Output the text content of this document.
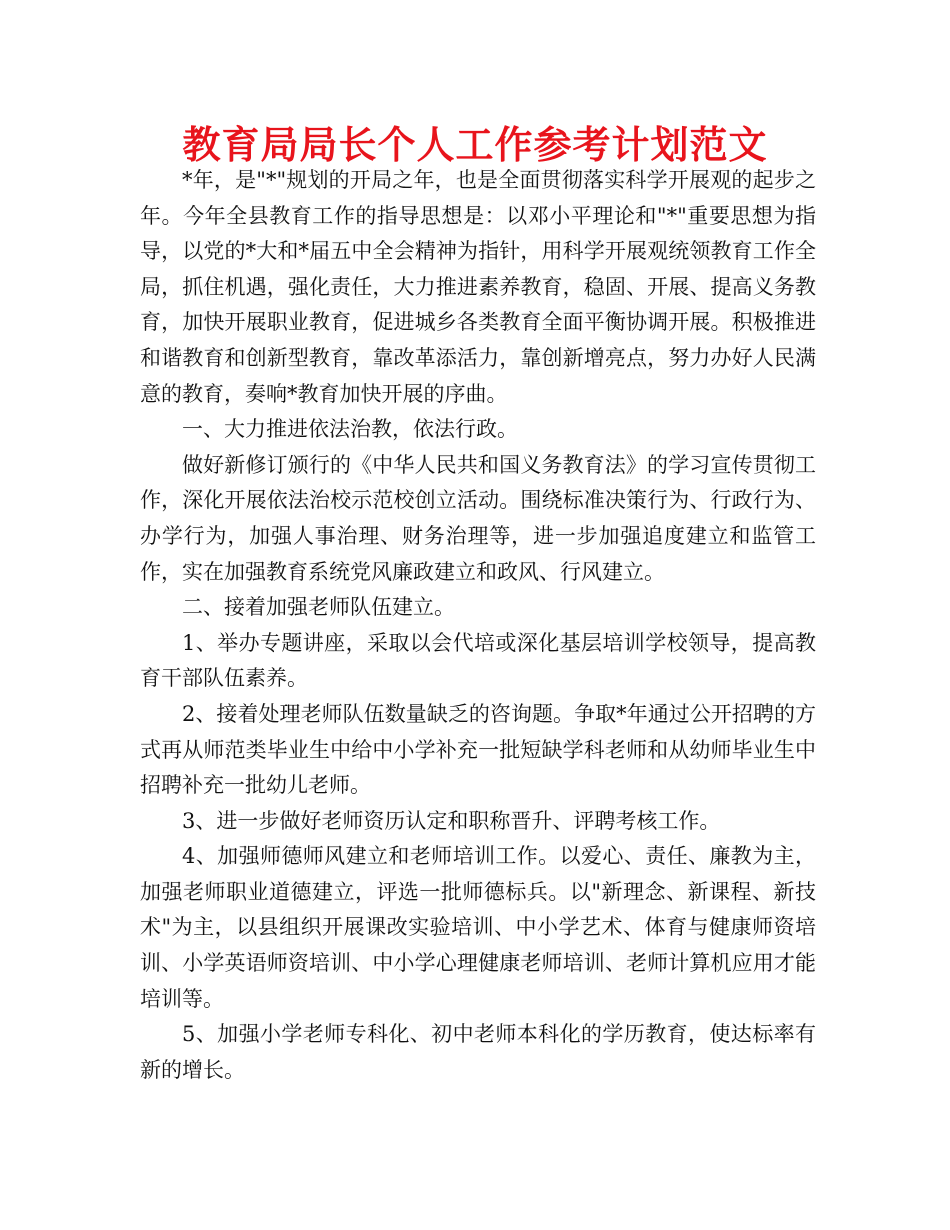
教育局局长个人工作参考计划范文

*年，是"*"规划的开局之年，也是全面贯彻落实科学开展观的起步之年。今年全县教育工作的指导思想是：以邓小平理论和"*"重要思想为指导，以党的*大和*届五中全会精神为指针，用科学开展观统领教育工作全局，抓住机遇，强化责任，大力推进素养教育，稳固、开展、提高义务教育，加快开展职业教育，促进城乡各类教育全面平衡协调开展。积极推进和谐教育和创新型教育，靠改革添活力，靠创新增亮点，努力办好人民满意的教育，奏响*教育加快开展的序曲。

一、大力推进依法治教，依法行政。

做好新修订颁行的《中华人民共和国义务教育法》的学习宣传贯彻工作，深化开展依法治校示范校创立活动。围绕标准决策行为、行政行为、办学行为，加强人事治理、财务治理等，进一步加强追度建立和监管工作，实在加强教育系统党风廉政建立和政风、行风建立。

二、接着加强老师队伍建立。

1、举办专题讲座，采取以会代培或深化基层培训学校领导，提高教育干部队伍素养。

2、接着处理老师队伍数量缺乏的咨询题。争取*年通过公开招聘的方式再从师范类毕业生中给中小学补充一批短缺学科老师和从幼师毕业生中招聘补充一批幼儿老师。

3、进一步做好老师资历认定和职称晋升、评聘考核工作。

4、加强师德师风建立和老师培训工作。以爱心、责任、廉教为主，加强老师职业道德建立，评选一批师德标兵。以"新理念、新课程、新技术"为主，以县组织开展课改实验培训、中小学艺术、体育与健康师资培训、小学英语师资培训、中小学心理健康老师培训、老师计算机应用才能培训等。

5、加强小学老师专科化、初中老师本科化的学历教育，使达标率有新的增长。
